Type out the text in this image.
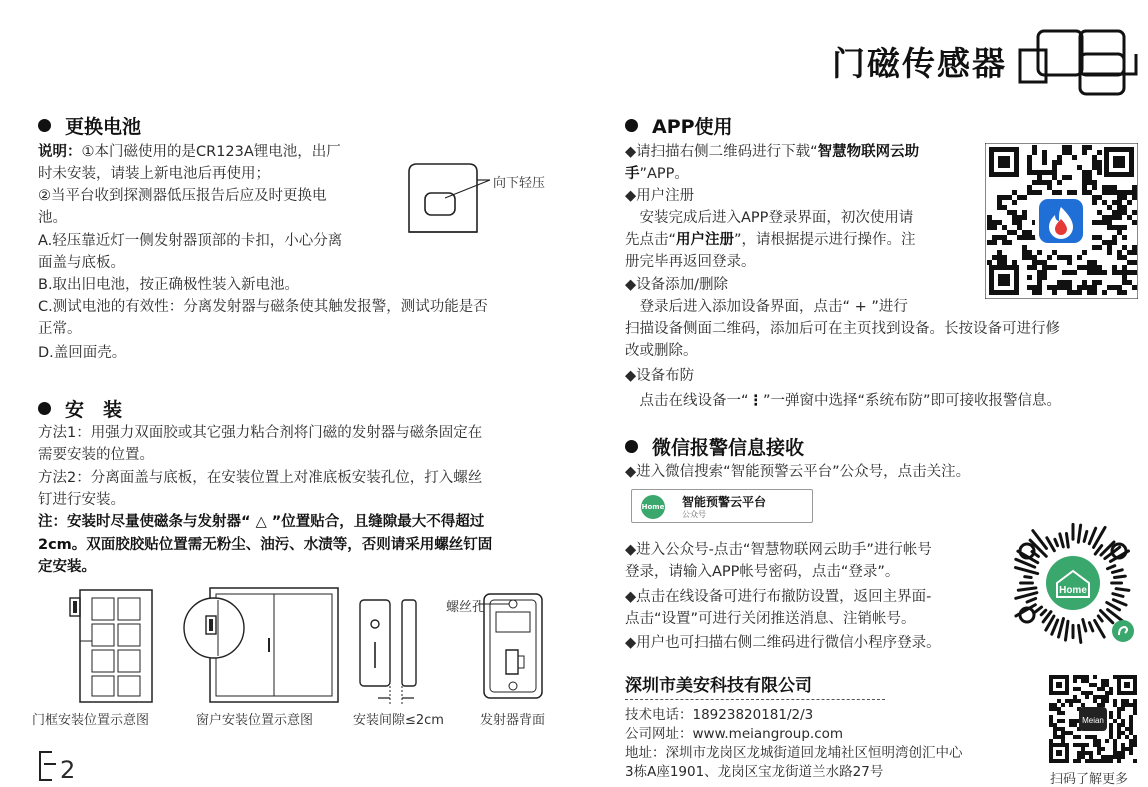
门磁传感器
更换电池
说明：①本门磁使用的是CR123A锂电池，出厂
时未安装，请装上新电池后再使用；
②当平台收到探测器低压报告后应及时更换电
池。
A.轻压靠近灯一侧发射器顶部的卡扣，小心分离
面盖与底板。
B.取出旧电池，按正确极性装入新电池。
C.测试电池的有效性：分离发射器与磁条使其触发报警，测试功能是否
正常。
D.盖回面壳。
向下轻压
安　装
方法1：用强力双面胶或其它强力粘合剂将门磁的发射器与磁条固定在
需要安装的位置。
方法2：分离面盖与底板，在安装位置上对准底板安装孔位，打入螺丝
钉进行安装。
注：安装时尽量使磁条与发射器“ △ ”位置贴合，且缝隙最大不得超过
2cm。双面胶胶贴位置需无粉尘、油污、水渍等，否则请采用螺丝钉固
定安装。
螺丝孔
门框安装位置示意图	窗户安装位置示意图	安装间隙≤2cm	发射器背面
2
APP使用
◆请扫描右侧二维码进行下载“智慧物联网云助
手”APP。
◆用户注册
　安装完成后进入APP登录界面，初次使用请
先点击“用户注册”，请根据提示进行操作。注
册完毕再返回登录。
◆设备添加/删除
　登录后进入添加设备界面，点击“ + ”进行
扫描设备侧面二维码，添加后可在主页找到设备。长按设备可进行修
改或删除。
◆设备布防
　点击在线设备一“⋮”一弹窗中选择“系统布防”即可接收报警信息。
微信报警信息接收
◆进入微信搜索“智能预警云平台”公众号，点击关注。
Home 智能预警云平台
公众号
◆进入公众号-点击“智慧物联网云助手”进行帐号
登录，请输入APP帐号密码，点击“登录”。
◆点击在线设备可进行布撤防设置，返回主界面-
点击“设置”可进行关闭推送消息、注销帐号。
◆用户也可扫描右侧二维码进行微信小程序登录。
Home
深圳市美安科技有限公司
技术电话：18923820181/2/3
公司网址：www.meiangroup.com
地址：深圳市龙岗区龙城街道回龙埔社区恒明湾创汇中心
3栋A座1901、龙岗区宝龙街道兰水路27号
Meian
扫码了解更多
